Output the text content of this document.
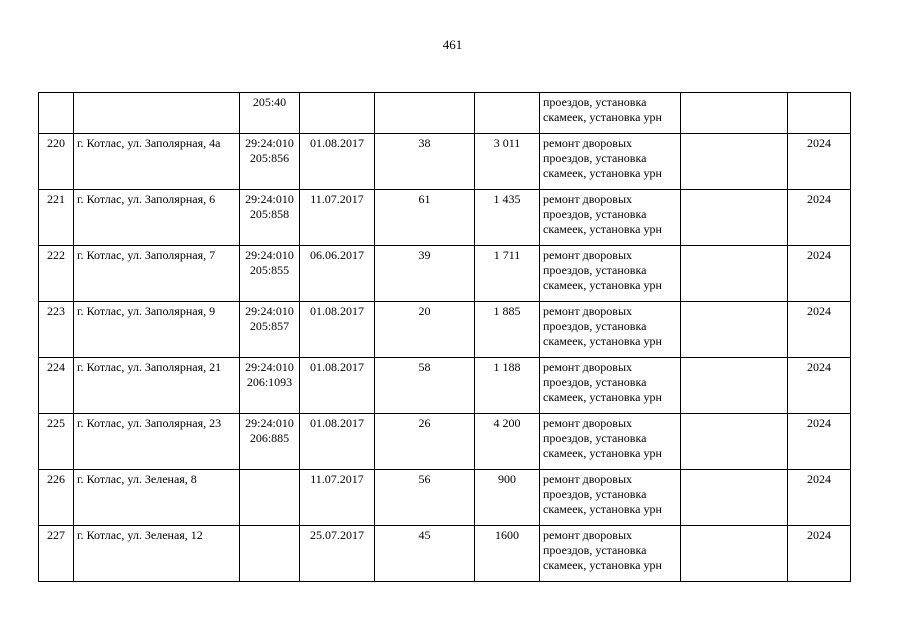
461
		205:40				проездов, установка скамеек, установка урн		
220	г. Котлас, ул. Заполярная, 4а	29:24:010 205:856	01.08.2017	38	3 011	ремонт дворовых проездов, установка скамеек, установка урн		2024
221	г. Котлас, ул. Заполярная, 6	29:24:010 205:858	11.07.2017	61	1 435	ремонт дворовых проездов, установка скамеек, установка урн		2024
222	г. Котлас, ул. Заполярная, 7	29:24:010 205:855	06.06.2017	39	1 711	ремонт дворовых проездов, установка скамеек, установка урн		2024
223	г. Котлас, ул. Заполярная, 9	29:24:010 205:857	01.08.2017	20	1 885	ремонт дворовых проездов, установка скамеек, установка урн		2024
224	г. Котлас, ул. Заполярная, 21	29:24:010 206:1093	01.08.2017	58	1 188	ремонт дворовых проездов, установка скамеек, установка урн		2024
225	г. Котлас, ул. Заполярная, 23	29:24:010 206:885	01.08.2017	26	4 200	ремонт дворовых проездов, установка скамеек, установка урн		2024
226	г. Котлас, ул. Зеленая, 8		11.07.2017	56	900	ремонт дворовых проездов, установка скамеек, установка урн		2024
227	г. Котлас, ул. Зеленая, 12		25.07.2017	45	1600	ремонт дворовых проездов, установка скамеек, установка урн		2024
